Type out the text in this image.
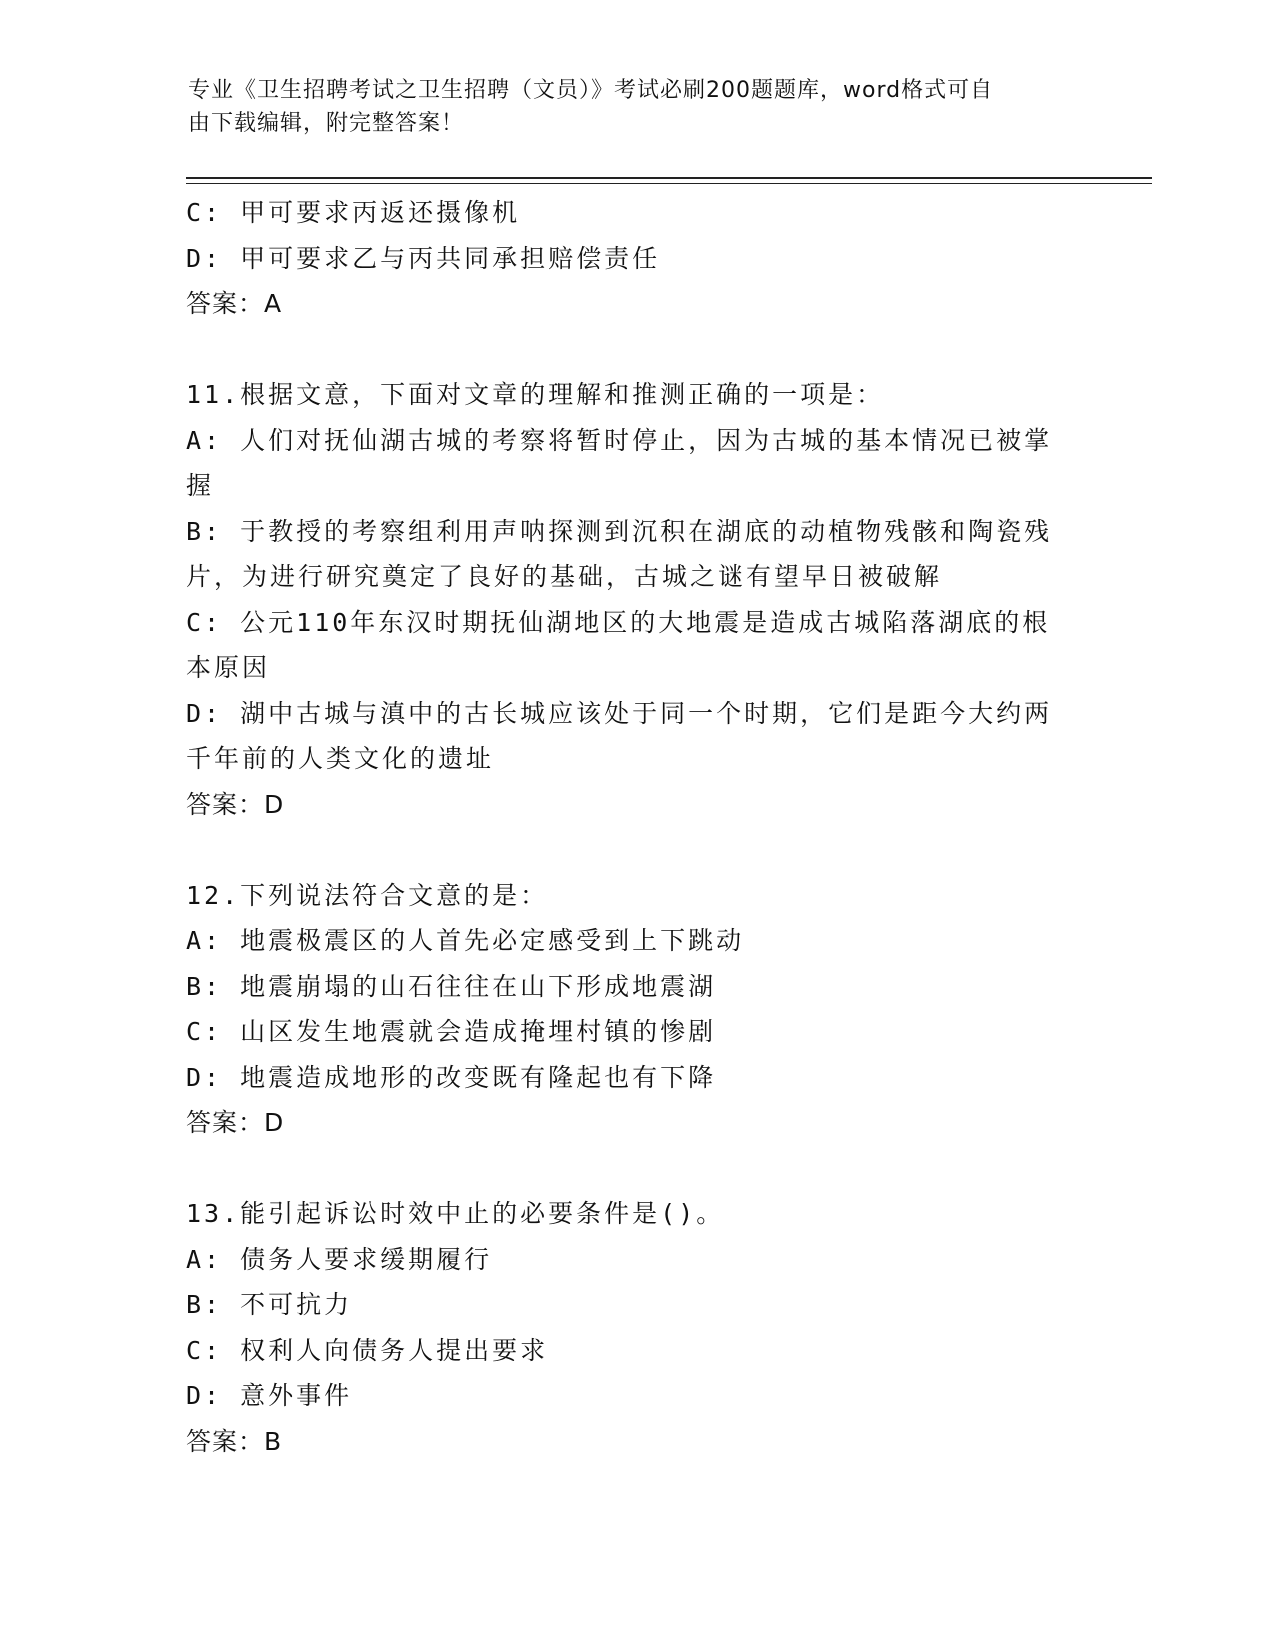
专业《卫生招聘考试之卫生招聘（文员）》考试必刷200题题库，word格式可自
由下载编辑，附完整答案！
C: 甲可要求丙返还摄像机
D: 甲可要求乙与丙共同承担赔偿责任
答案：A
11.根据文意，下面对文章的理解和推测正确的一项是：
A: 人们对抚仙湖古城的考察将暂时停止，因为古城的基本情况已被掌
握
B: 于教授的考察组利用声呐探测到沉积在湖底的动植物残骸和陶瓷残
片，为进行研究奠定了良好的基础，古城之谜有望早日被破解
C: 公元110年东汉时期抚仙湖地区的大地震是造成古城陷落湖底的根
本原因
D: 湖中古城与滇中的古长城应该处于同一个时期，它们是距今大约两
千年前的人类文化的遗址
答案：D
12.下列说法符合文意的是：
A: 地震极震区的人首先必定感受到上下跳动
B: 地震崩塌的山石往往在山下形成地震湖
C: 山区发生地震就会造成掩埋村镇的惨剧
D: 地震造成地形的改变既有隆起也有下降
答案：D
13.能引起诉讼时效中止的必要条件是()。
A: 债务人要求缓期履行
B: 不可抗力
C: 权利人向债务人提出要求
D: 意外事件
答案：B
